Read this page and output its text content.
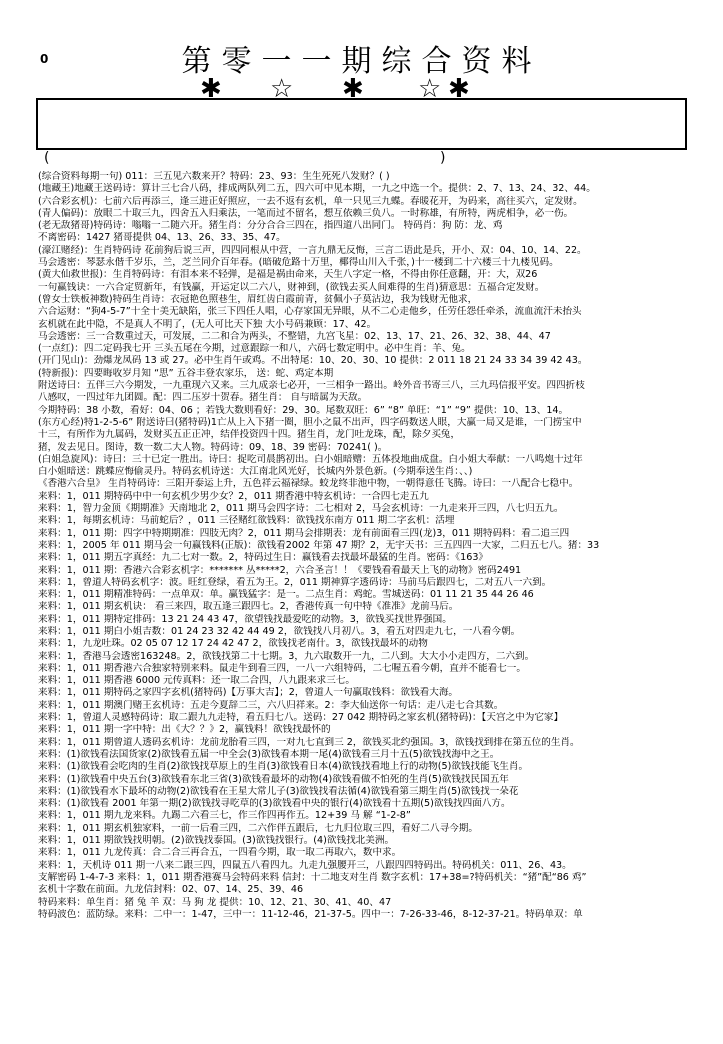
0	第零一一期综合资料
✱ ☆ ✱ ☆ ✱
(	)
(综合资料每期一句) 011：三五见六数来开？特码：23、93：生生死死八发财？( )
(地藏王)地藏王送码诗：算计三七合八码，排成两队列二五，四六可中见本期，一九之中选一个。提供：2、7、13、24、32、44。
(六合彩玄机)：七前六后再添三，逢三进正好照应，一去不返有玄机，单一只见三九蝶。春暖花开，为码来，高往买六，定发财。
(青人偏码)：放眼二十取三九，四舍五入归乘法，一笔而过不留名，想互依赖三负八。一时称雄，有所特，两虎相争，必一伤。
(老无敌猪哥)特码诗：嗡嗡一二随六开。猪生肖：分分合合三四在，指四道八出同门。 特码肖：狗 防：龙、鸡
不离密码：1427 猪哥提供 04、13、26、33、35、47。
(濠江赌经)：生肖特码诗 花前狗后说三声，四四同根从中营，一言九鼎无反悔，三言二语此是兵，开小、双：04、10、14、22。
马会透密：琴瑟永偕千岁乐，兰，芝兰同介百年春。(暗破危路十万里，椰得山川入千张，)十一楼到二十六楼三十九楼见码。
(黄大仙救世报)：生肖特码诗：有泪本来不轻弹，是福是祸由命来，天生八字定一格，不得由你任意翻，开：大，双26
一句赢钱诀：一六合定贸新年，有钱赢，开运定以二六八，财神到，(欲钱去买人间难得的生肖)猜意思：五福合定发财。
(曾女士铁板神数)特码生肖诗：衣冠艳色照巷生，眉红齿白霞前青，贫佩小子莫沾边，我为钱财无他求，
六合运财：“狗4-5-7”十全十美无缺陷，张三下四任人唱，心存家国无异眼，从不二心走他乡，任劳任怨任牵杀，流血流汗未抬头
玄机就在此中隐，不是真人不明了，(无人可比天下独 大小号码兼顾：17、42。
马会透密：三一合数重过天，可发展，二二和合为两头，不整错，九宫飞星：02、13、17、21、26、32、38、44、47
(一点红)：四二定码我七开 三头五尾在今期，过意跟踪一和八，六码七数定明中。必中生肖：羊、兔。
(开门见山)：劲爆龙凤码 13 或 27。必中生肖午或鸡。不出特尾：10、20、30、10 提供：2 011 18 21 24 33 34 39 42 43。
(特新报)：四要晦收岁月知 “思” 五谷丰登农家乐， 送：蛇、鸡定本期
附送诗曰：五伴三六今期发，一九重现六又来。三九成亲七必开，一三相争一路出。岭外音书寄三八，三九玛信报平安。四四折枝
八感叹，一四过年九团圆。配：四二压岁十贺春。猪生肖： 自与暗属为天敌。
今期特码：38 小数，看好：04、06 ；若钱大数则看好：29、30。尾数双旺：6” “8” 单旺：“1” “9” 提供：10、13、14。
(东方心经)特1-2-5-6” 附送诗曰(猪特码)1亡从上入下猪一圈，胆小之鼠不出声，四字码数送人眼，大赢一局又是谁，一门捞宝中
十三，有所作为九属码，发财买五正正冲，结伴投资四十四。猪生肖，龙门吐龙珠，配，除夕买兔，
猪，发去见日。图诗，数一数二大人物。特码诗：09、18、39 密码：70241( )。
(白姐急旋风)：诗曰：三十已定一胜出。诗曰：捉吃司晨鹊初出。白小姐暗赠：五体投地曲成盘。白小姐大奉献：一八鸣炮十过年
白小姐暗送：跳蝶应悔偷灵丹。特码玄机诗送：大江南北风光好，长城内外景色新。(今期奉送生肖：、、)
《香港六合皇》 生肖特码诗：三阳开泰运上升，五色祥云福禄绿。蛟龙终非池中物，一朝得意任飞腾。诗曰：一八配合七稳中。
来料：1，011 期特码中中一句玄机少男少女？2，011 期香港中特玄机诗：一合四七走五九
来料：1，智力金顶《期期准》天南地北 2，011 期马会四字诗：二七相对 2，马会玄机诗：一九走来开三四，八七归五九。
来料：1，每期玄机诗：马前蛇后？，011 三径赌红欲钱料：欲钱找东南方 011 期二字玄机：活埋
来料：1，011 期：四字中特期期准：四肢无肉？2，011 期马会排期表：龙有前面看三四(龙)3，011 期特码料：看二追三四
来料：1，2005 年 011 期马会一句赢钱料(正版)：欲钱看2002 年第 47 期？2，无宇天书：三五四四一大家，二归五七八。猪：33
来料：1，011 期五字真经：九二七对一数。2，特码过生日：赢钱看去找最坏最猛的生肖。密码：《163》
来料：1，011 期：香港六合彩玄机字：******* 丛*****2，六合圣言！！《要钱看看最天上飞的动物》密码2491
来料：1，曾道人特码玄机字：波。旺红登绿，看五为王。2，011 期神算字透码诗：马前马后跟四七，二对五八一六到。
来料：1，011 期精准特码：一点单双：单。赢钱猛字：是一。二点生肖：鸡蛇。雪城送码：01 11 21 35 44 26 46
来料：1，011 期玄机诀： 看三来四，取五逢三跟四七。2，香港传真一句中特《准准》龙前马后。
来料：1，011 期特定排码：13 21 24 43 47，欲望钱找最爱吃的动物。3，欲钱买找世界强国。
来料：1，011 期白小姐吉数：01 24 23 32 42 44 49 2，欲钱找八月初八。3，看五对四走九七，一八看今朝。
来料：1，九龙吐珠。02 05 07 12 17 24 42 47 2，欲钱找老南什。3，欲钱找最坏的动物
来料：1，香港马会透密163248。2，欲钱找第二十七期。3，九六取数开一九，二八到。大大小小走四方，二六到。
来料：1，011 期香港六合独家特别来料。鼠走牛到看三四，一八一六组特码，二七喔五看今朝，直并不能看七一。
来料：1，011 期香港 6000 元传真料：还一取二合四，八九跟来求三七。
来料：1，011 期特码之家四字玄机(猪特码)【万事大吉】；2，曾道人一句赢取钱料：欲钱看大海。
来料：1，011 期澳门赌王玄机诗：五走今夏辞二三，六八归祥来。2：李大仙送你一句话：走八走七合其数。
来料：1，曾道人灵感特码诗：取二跟九九走特，看五归七八。送码：27 042 期特码之家玄机(猪特码)：【天宫之中为它家】
来料：1，011 期一字中特：出《大？？》2，赢钱料！欲钱找最怀的
来料：1，011 期曾道人透码玄机诗：龙前龙胎看三四，一对九七直到三 2，欲钱买北约强国。3，欲钱找到排在第五位的生肖。
来料：(1)欲钱看法国货家(2)欲钱看五届一中全会(3)欲钱看本期一尾(4)欲钱看三月十五(5)欲钱找海中之王。
来料：(1)欲钱看会吃肉的生肖(2)欲钱找草原上的生肖(3)欲钱看日本(4)欲钱找看地上行的动物(5)欲钱找能飞生肖。
来料：(1)欲钱看中央五台(3)欲钱看东北三省(3)欲钱看最坏的动物(4)欲钱看做不怕死的生肖(5)欲钱找民国五年
来料：(1)欲钱看水下最坏的动物(2)欲钱看在王星大常儿子(3)欲钱找看法循(4)欲钱看第三期生肖(5)欲钱找一朵花
来料：(1)欲钱看 2001 年第一期(2)欲钱找寻吃草的(3)欲钱看中央的银行(4)欲钱看十五期(5)欲钱找四面八方。
来料：1，011 期九龙来料。九踢二六看三七，作三作四再作五。12+39 马 解 “1-2-8”
来料：1，011 期玄机独家料，一前一后看三四，二六作伴五跟后，七九归位取三四，看好二八寻今期。
来料：1，011 期欲钱找明朝。(2)欲钱找泰国。(3)欲钱找银行。(4)欲钱找北美洲。
来料：1，011 九龙传真：合二合三再合五，一四看今期，取一取二再取六，数中求。
来料：1，天机诗 011 期一八来二跟三四，四鼠五八看四九。九走九强腰开三，八跟四四特码出。特码机关：011、26、43。
支解密码 1-4-7-3 来料：1，011 期香港赛马会特码来料 信封：十二地支对生肖 数字玄机：17+38=?特码机关：“猪”配“86 鸡”
玄机十字数在前面。九龙信封料：02、07、14、25、39、46
特码来料：单生肖：猪 兔 羊 双：马 狗 龙 提供：10、12、21、30、41、40、47
特码波色：蓝防绿。来料：二中一：1-47，三中一：11-12-46，21-37-5。四中一：7-26-33-46，8-12-37-21。特码单双：单
